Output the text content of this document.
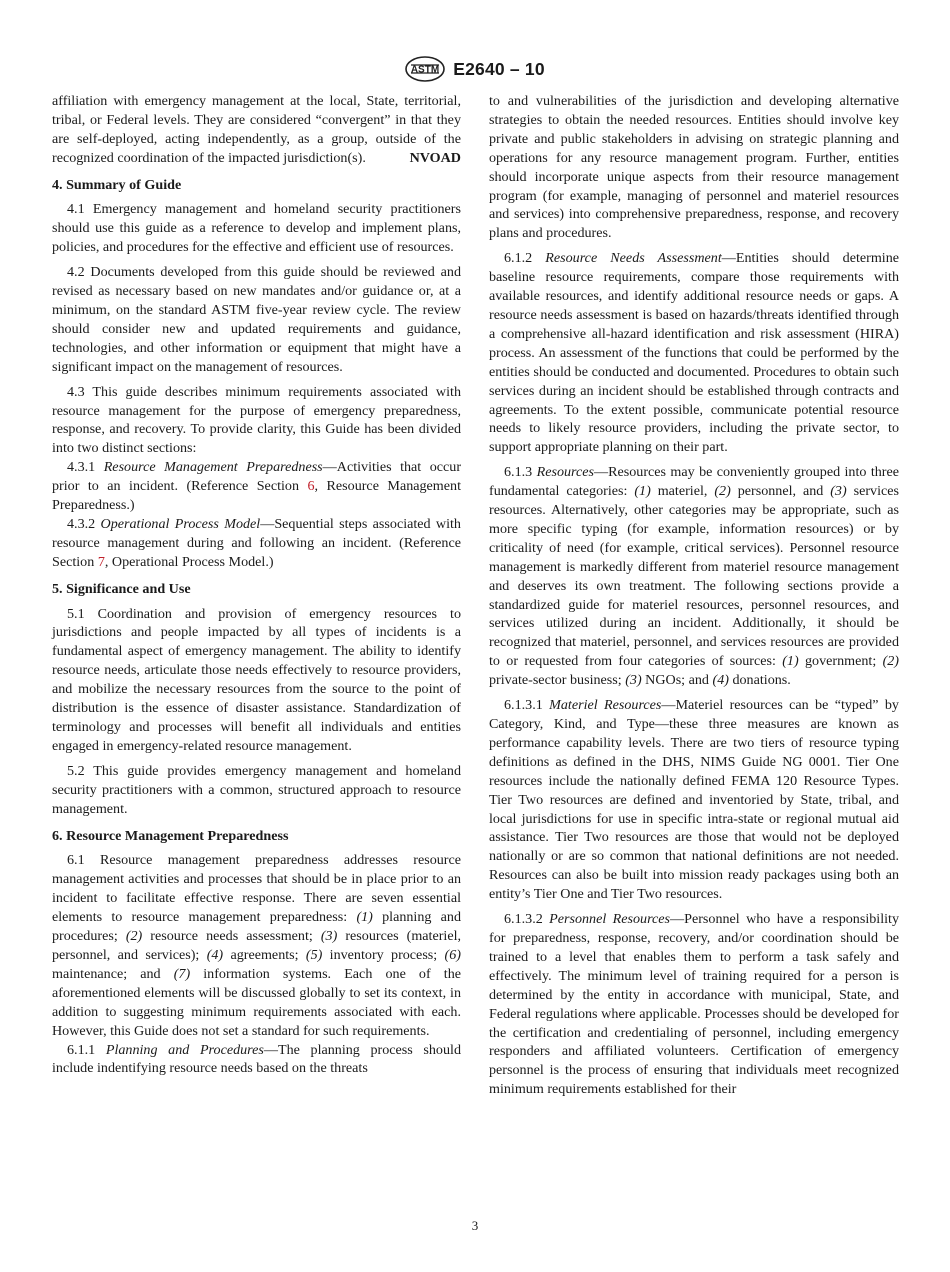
ASTM E2640 – 10

affiliation with emergency management at the local, State, territorial, tribal, or Federal levels. They are considered “convergent” in that they are self-deployed, acting independently, as a group, outside of the recognized coordination of the impacted jurisdiction(s).	NVOAD

4. Summary of Guide

4.1 Emergency management and homeland security practitioners should use this guide as a reference to develop and implement plans, policies, and procedures for the effective and efficient use of resources.

4.2 Documents developed from this guide should be reviewed and revised as necessary based on new mandates and/or guidance or, at a minimum, on the standard ASTM five-year review cycle. The review should consider new and updated requirements and guidance, technologies, and other information or equipment that might have a significant impact on the management of resources.

4.3 This guide describes minimum requirements associated with resource management for the purpose of emergency preparedness, response, and recovery. To provide clarity, this Guide has been divided into two distinct sections:

4.3.1 Resource Management Preparedness—Activities that occur prior to an incident. (Reference Section 6, Resource Management Preparedness.)

4.3.2 Operational Process Model—Sequential steps associated with resource management during and following an incident. (Reference Section 7, Operational Process Model.)

5. Significance and Use

5.1 Coordination and provision of emergency resources to jurisdictions and people impacted by all types of incidents is a fundamental aspect of emergency management. The ability to identify resource needs, articulate those needs effectively to resource providers, and mobilize the necessary resources from the source to the point of distribution is the essence of disaster assistance. Standardization of terminology and processes will benefit all individuals and entities engaged in emergency-related resource management.

5.2 This guide provides emergency management and homeland security practitioners with a common, structured approach to resource management.

6. Resource Management Preparedness

6.1 Resource management preparedness addresses resource management activities and processes that should be in place prior to an incident to facilitate effective response. There are seven essential elements to resource management preparedness: (1) planning and procedures; (2) resource needs assessment; (3) resources (materiel, personnel, and services); (4) agreements; (5) inventory process; (6) maintenance; and (7) information systems. Each one of the aforementioned elements will be discussed globally to set its context, in addition to suggesting minimum requirements associated with each. However, this Guide does not set a standard for such requirements.

6.1.1 Planning and Procedures—The planning process should include indentifying resource needs based on the threats

to and vulnerabilities of the jurisdiction and developing alternative strategies to obtain the needed resources. Entities should involve key private and public stakeholders in advising on strategic planning and operations for any resource management program. Further, entities should incorporate unique aspects from their resource management program (for example, managing of personnel and materiel resources and services) into comprehensive preparedness, response, and recovery plans and procedures.

6.1.2 Resource Needs Assessment—Entities should determine baseline resource requirements, compare those requirements with available resources, and identify additional resource needs or gaps. A resource needs assessment is based on hazards/threats identified through a comprehensive all-hazard identification and risk assessment (HIRA) process. An assessment of the functions that could be performed by the entities should be conducted and documented. Procedures to obtain such services during an incident should be established through contracts and agreements. To the extent possible, communicate potential resource needs to likely resource providers, including the private sector, to support appropriate planning on their part.

6.1.3 Resources—Resources may be conveniently grouped into three fundamental categories: (1) materiel, (2) personnel, and (3) services resources. Alternatively, other categories may be appropriate, such as more specific typing (for example, information resources) or by criticality of need (for example, critical services). Personnel resource management is markedly different from materiel resource management and deserves its own treatment. The following sections provide a standardized guide for materiel resources, personnel resources, and services utilized during an incident. Additionally, it should be recognized that materiel, personnel, and services resources are provided to or requested from four categories of sources: (1) government; (2) private-sector business; (3) NGOs; and (4) donations.

6.1.3.1 Materiel Resources—Materiel resources can be “typed” by Category, Kind, and Type—these three measures are known as performance capability levels. There are two tiers of resource typing definitions as defined in the DHS, NIMS Guide NG 0001. Tier One resources include the nationally defined FEMA 120 Resource Types. Tier Two resources are defined and inventoried by State, tribal, and local jurisdictions for use in specific intra-state or regional mutual aid assistance. Tier Two resources are those that would not be deployed nationally or are so common that national definitions are not needed. Resources can also be built into mission ready packages using both an entity’s Tier One and Tier Two resources.

6.1.3.2 Personnel Resources—Personnel who have a responsibility for preparedness, response, recovery, and/or coordination should be trained to a level that enables them to perform a task safely and effectively. The minimum level of training required for a person is determined by the entity in accordance with municipal, State, and Federal regulations where applicable. Processes should be developed for the certification and credentialing of personnel, including emergency responders and affiliated volunteers. Certification of emergency personnel is the process of ensuring that individuals meet recognized minimum requirements established for their

3
